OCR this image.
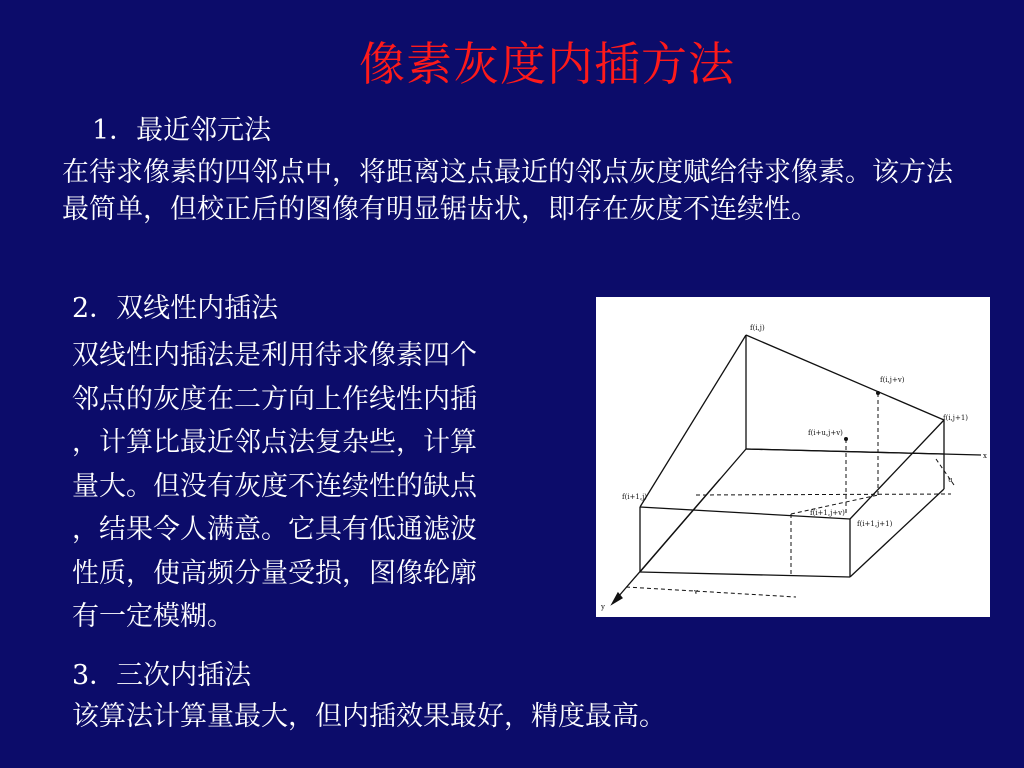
像素灰度内插方法
1．最近邻元法
在待求像素的四邻点中，将距离这点最近的邻点灰度赋给待求像素。该方法最简单，但校正后的图像有明显锯齿状，即存在灰度不连续性。
2．双线性内插法
双线性内插法是利用待求像素四个
邻点的灰度在二方向上作线性内插
，计算比最近邻点法复杂些，计算
量大。但没有灰度不连续性的缺点
，结果令人满意。它具有低通滤波
性质，使高频分量受损，图像轮廓
有一定模糊。
f(i,j)
f(i,j+v)
f(i,j+1)
f(i+u,j+v)
f(i+1,j)
f(i+1,j+v)
f(i+1,j+1)
x
y
u
v
3．三次内插法
该算法计算量最大，但内插效果最好，精度最高。
